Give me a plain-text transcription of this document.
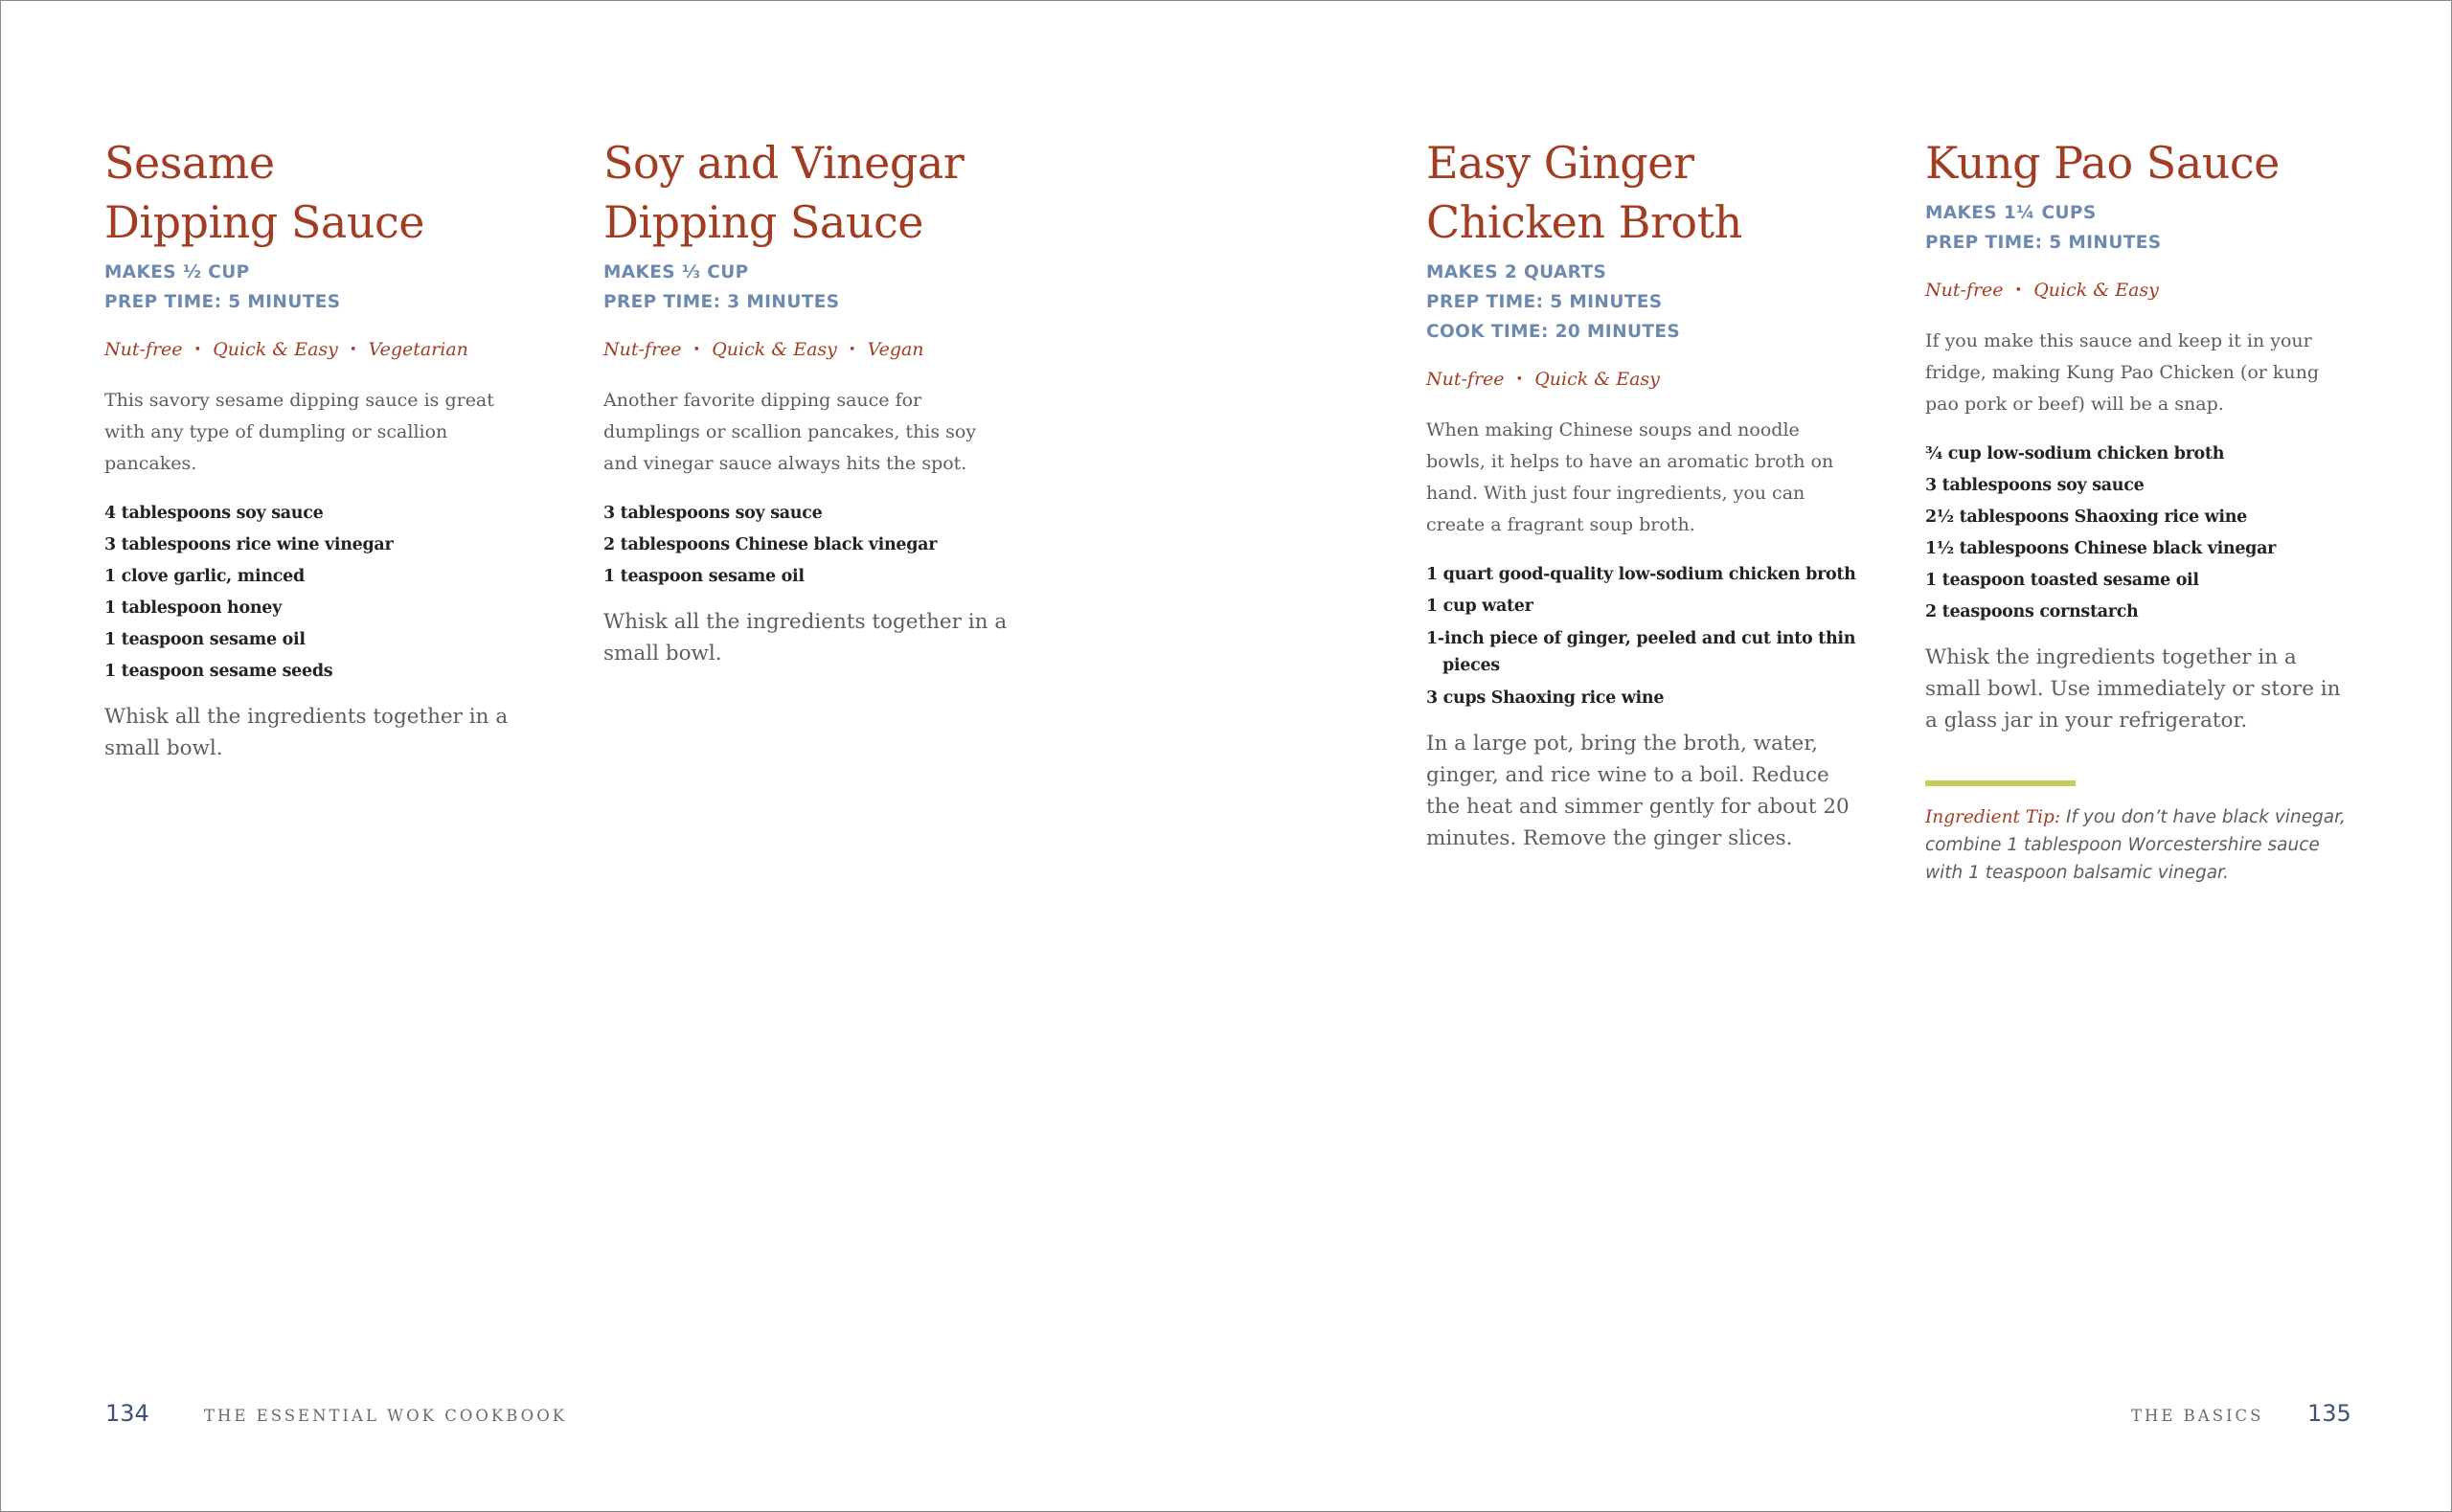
Sesame
Dipping Sauce
MAKES ½ CUP
PREP TIME: 5 MINUTES
Nut-free • Quick & Easy • Vegetarian

This savory sesame dipping sauce is great with any type of dumpling or scallion pancakes.

4 tablespoons soy sauce
3 tablespoons rice wine vinegar
1 clove garlic, minced
1 tablespoon honey
1 teaspoon sesame oil
1 teaspoon sesame seeds

Whisk all the ingredients together in a small bowl.

Soy and Vinegar
Dipping Sauce
MAKES ⅓ CUP
PREP TIME: 3 MINUTES
Nut-free • Quick & Easy • Vegan

Another favorite dipping sauce for dumplings or scallion pancakes, this soy and vinegar sauce always hits the spot.

3 tablespoons soy sauce
2 tablespoons Chinese black vinegar
1 teaspoon sesame oil

Whisk all the ingredients together in a small bowl.

Easy Ginger
Chicken Broth
MAKES 2 QUARTS
PREP TIME: 5 MINUTES
COOK TIME: 20 MINUTES
Nut-free • Quick & Easy

When making Chinese soups and noodle bowls, it helps to have an aromatic broth on hand. With just four ingredients, you can create a fragrant soup broth.

1 quart good-quality low-sodium chicken broth
1 cup water
1-inch piece of ginger, peeled and cut into thin pieces
3 cups Shaoxing rice wine

In a large pot, bring the broth, water, ginger, and rice wine to a boil. Reduce the heat and simmer gently for about 20 minutes. Remove the ginger slices.

Kung Pao Sauce
MAKES 1¼ CUPS
PREP TIME: 5 MINUTES
Nut-free • Quick & Easy

If you make this sauce and keep it in your fridge, making Kung Pao Chicken (or kung pao pork or beef) will be a snap.

¾ cup low-sodium chicken broth
3 tablespoons soy sauce
2½ tablespoons Shaoxing rice wine
1½ tablespoons Chinese black vinegar
1 teaspoon toasted sesame oil
2 teaspoons cornstarch

Whisk the ingredients together in a small bowl. Use immediately or store in a glass jar in your refrigerator.

Ingredient Tip: If you don’t have black vinegar, combine 1 tablespoon Worcestershire sauce with 1 teaspoon balsamic vinegar.

134	THE ESSENTIAL WOK COOKBOOK	THE BASICS 135
